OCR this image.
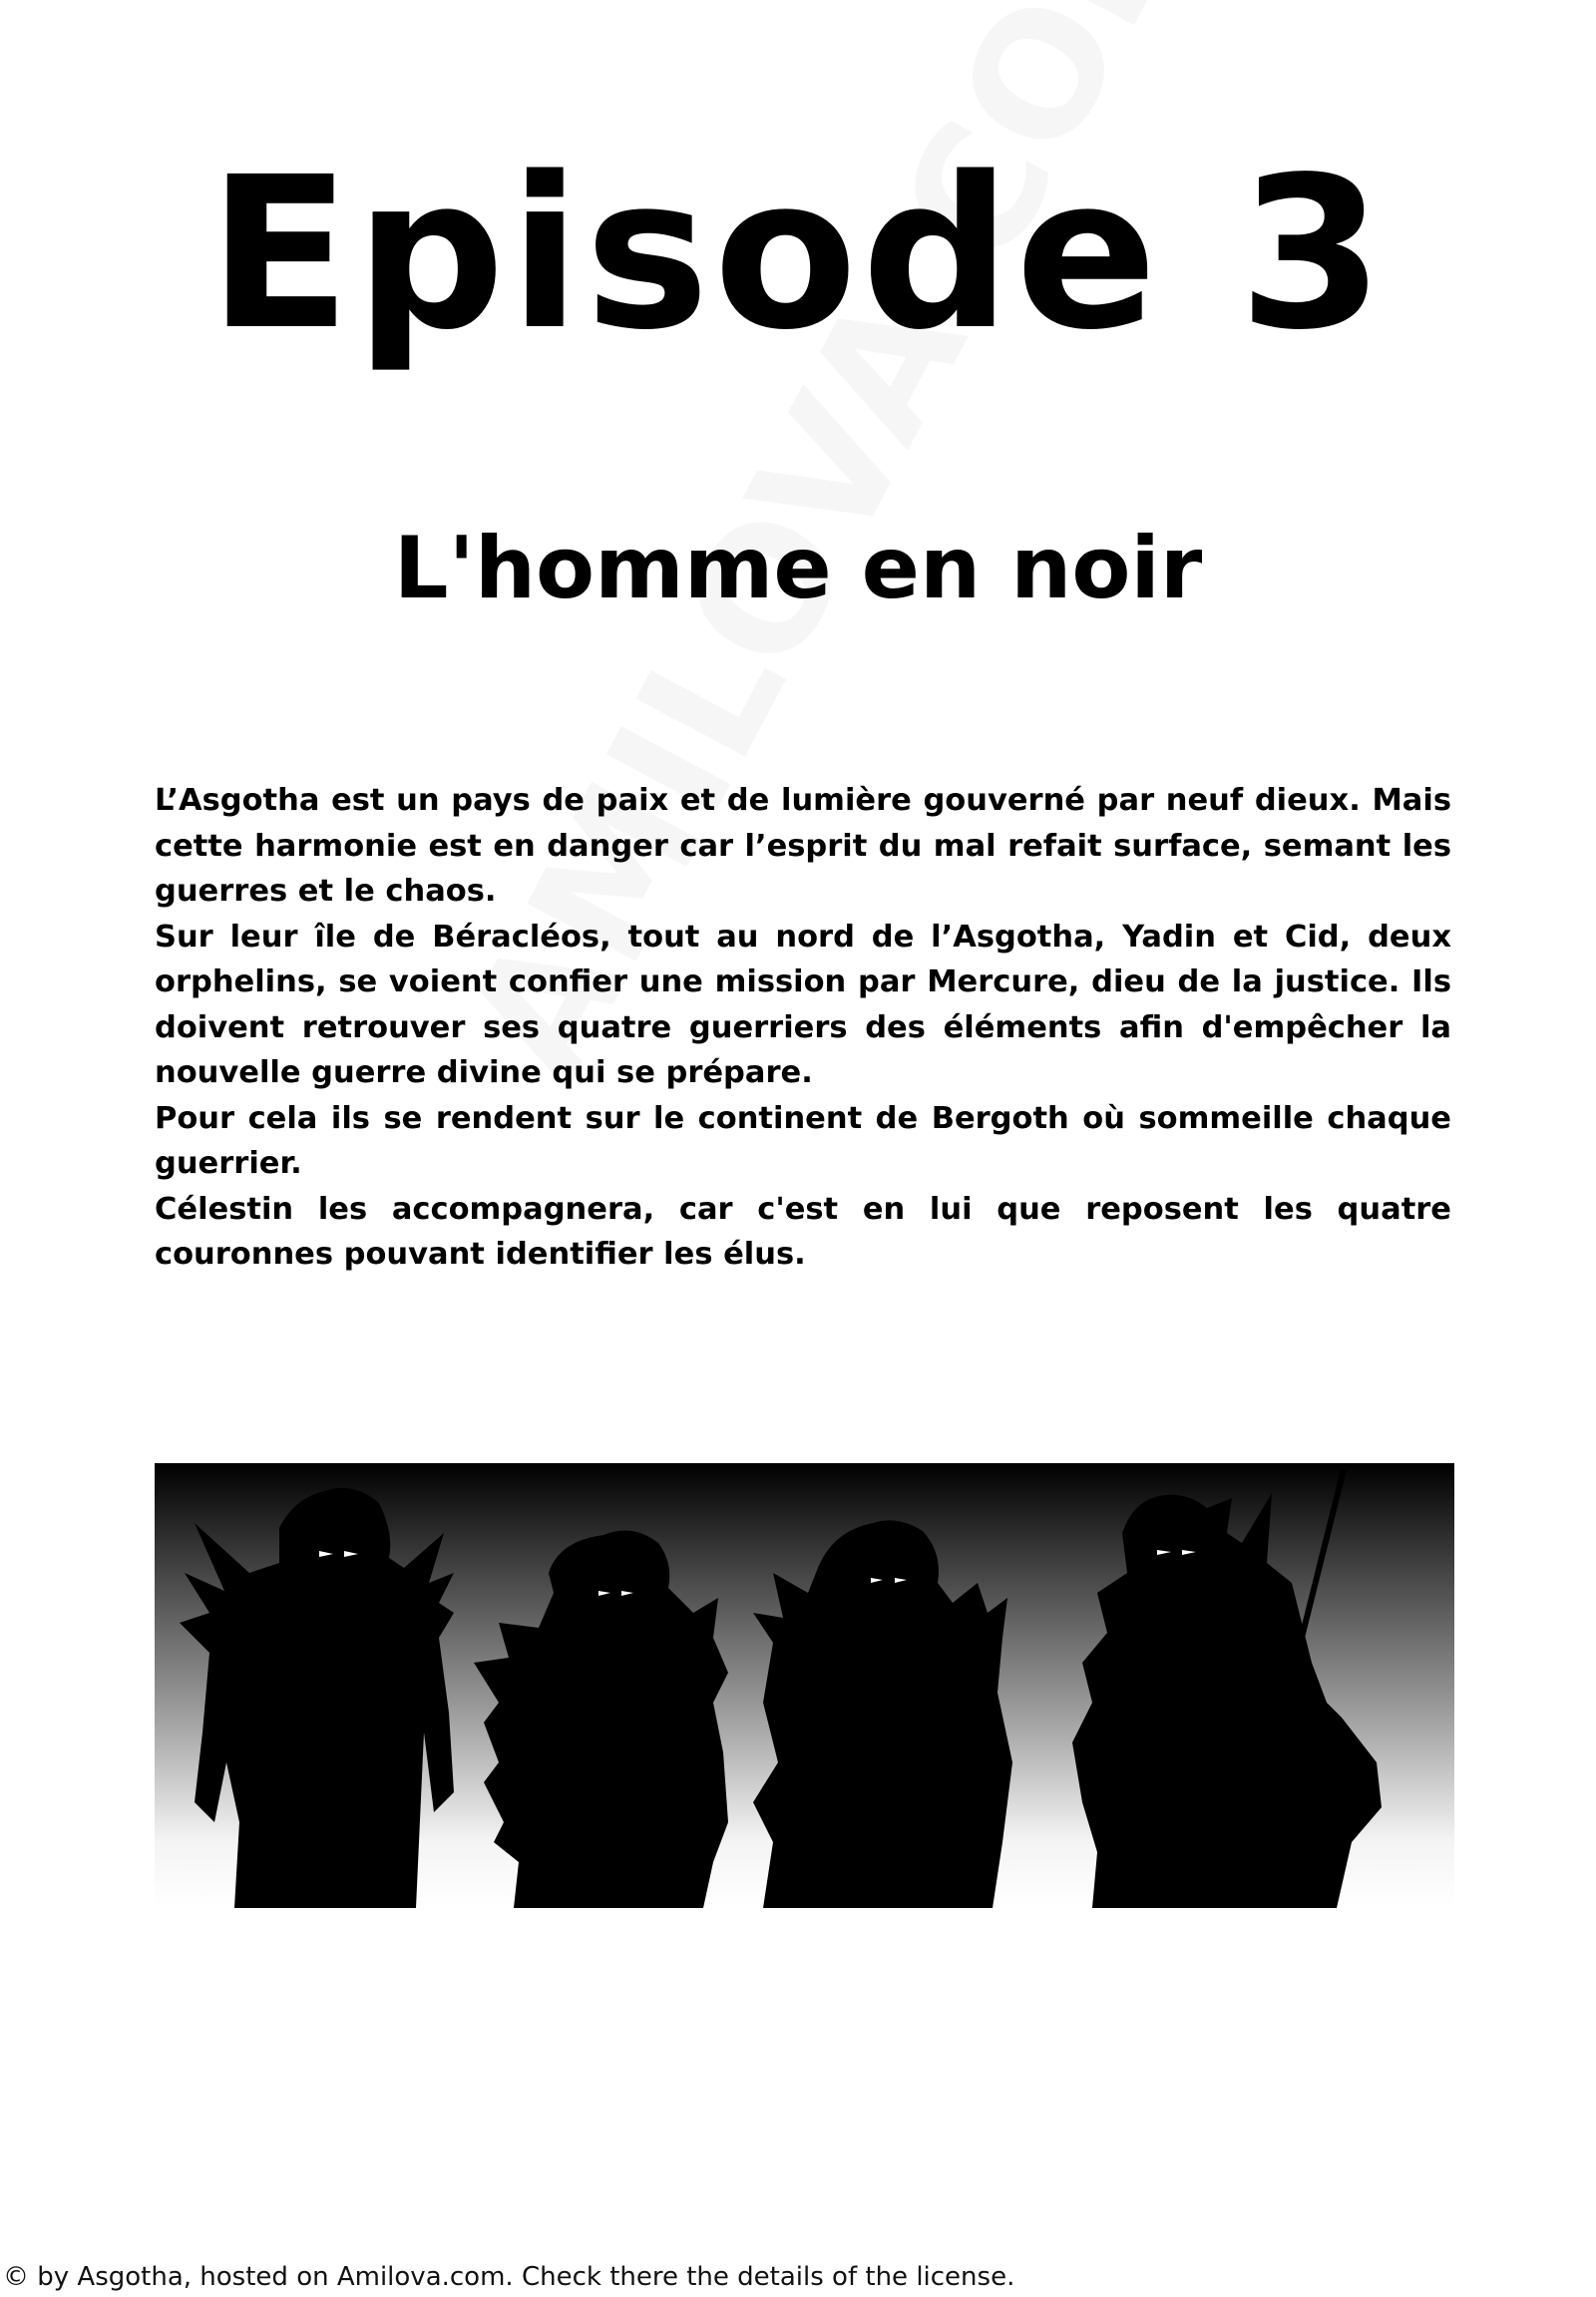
Episode 3
L'homme en noir

L’Asgotha est un pays de paix et de lumière gouverné par neuf dieux. Mais cette harmonie est en danger car l’esprit du mal refait surface, semant les guerres et le chaos.

Sur leur île de Béracléos, tout au nord de l’Asgotha, Yadin et Cid, deux orphelins, se voient confier une mission par Mercure, dieu de la justice. Ils doivent retrouver ses quatre guerriers des éléments afin d'empêcher la nouvelle guerre divine qui se prépare.

Pour cela ils se rendent sur le continent de Bergoth où sommeille chaque guerrier.

Célestin les accompagnera, car c'est en lui que reposent les quatre couronnes pouvant identifier les élus.

© by Asgotha, hosted on Amilova.com. Check there the details of the license.
